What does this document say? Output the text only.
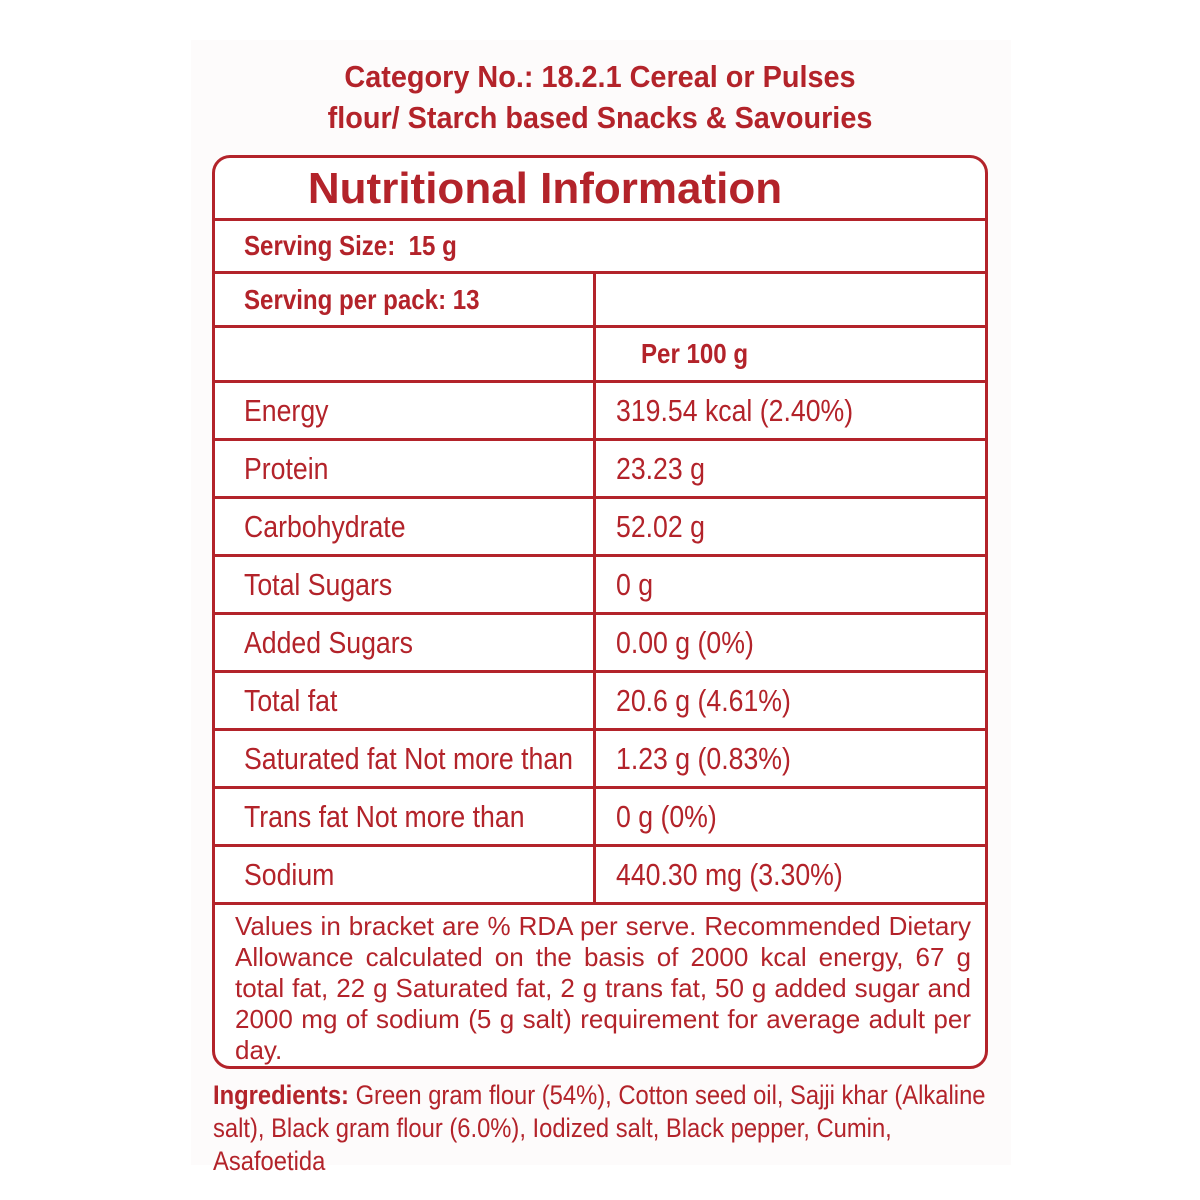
Category No.: 18.2.1 Cereal or Pulses
flour/ Starch based Snacks & Savouries
Nutritional Information
Serving Size:  15 g
Serving per pack: 13
Per 100 g
Energy	319.54 kcal (2.40%)
Protein	23.23 g
Carbohydrate	52.02 g
Total Sugars	0 g
Added Sugars	0.00 g (0%)
Total fat	20.6 g (4.61%)
Saturated fat Not more than 1.23 g (0.83%)
Trans fat Not more than	0 g (0%)
Sodium	440.30 mg (3.30%)
Values in bracket are % RDA per serve. Recommended Dietary Allowance calculated on the basis of 2000 kcal energy, 67 g total fat, 22 g Saturated fat, 2 g trans fat, 50 g added sugar and 2000 mg of sodium (5 g salt) requirement for average adult per day.
Ingredients: Green gram flour (54%), Cotton seed oil, Sajji khar (Alkaline salt), Black gram flour (6.0%), Iodized salt, Black pepper, Cumin, Asafoetida
